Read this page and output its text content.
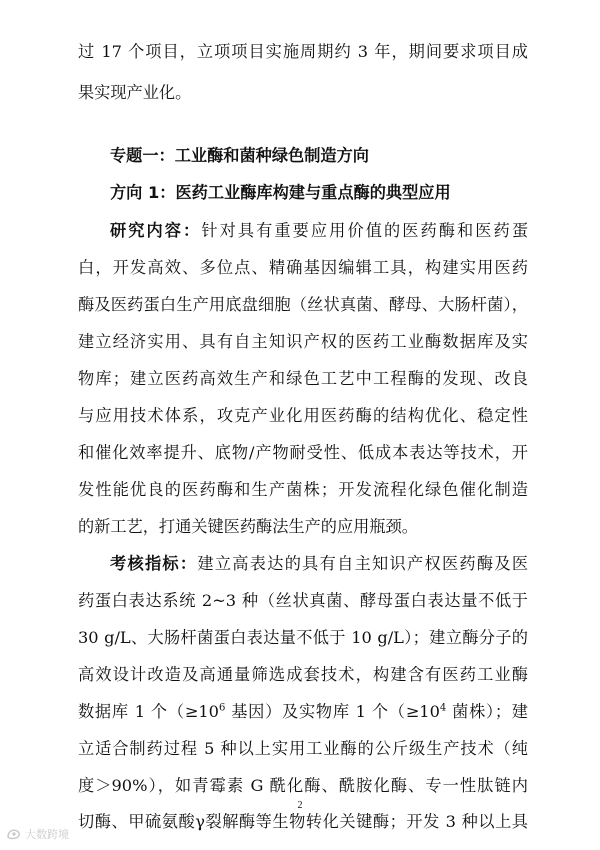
过 17 个项目，立项项目实施周期约 3 年，期间要求项目成
果实现产业化。
专题一：工业酶和菌种绿色制造方向
方向 1：医药工业酶库构建与重点酶的典型应用
研究内容：针对具有重要应用价值的医药酶和医药蛋
白，开发高效、多位点、精确基因编辑工具，构建实用医药
酶及医药蛋白生产用底盘细胞（丝状真菌、酵母、大肠杆菌），
建立经济实用、具有自主知识产权的医药工业酶数据库及实
物库；建立医药高效生产和绿色工艺中工程酶的发现、改良
与应用技术体系，攻克产业化用医药酶的结构优化、稳定性
和催化效率提升、底物/产物耐受性、低成本表达等技术，开
发性能优良的医药酶和生产菌株；开发流程化绿色催化制造
的新工艺，打通关键医药酶法生产的应用瓶颈。
考核指标：建立高表达的具有自主知识产权医药酶及医
药蛋白表达系统 2~3 种（丝状真菌、酵母蛋白表达量不低于
30 g/L、大肠杆菌蛋白表达量不低于 10 g/L）；建立酶分子的
高效设计改造及高通量筛选成套技术，构建含有医药工业酶
数据库 1 个（$\ge 10^6$ 基因）及实物库 1 个（$\ge 10^4$ 菌株）；建
立适合制药过程 5 种以上实用工业酶的公斤级生产技术（纯
度＞90%），如青霉素 G 酰化酶、酰胺化酶、专一性肽链内
切酶、甲硫氨酸γ裂解酶等生物转化关键酶；开发 3 种以上具
2
大数跨境
